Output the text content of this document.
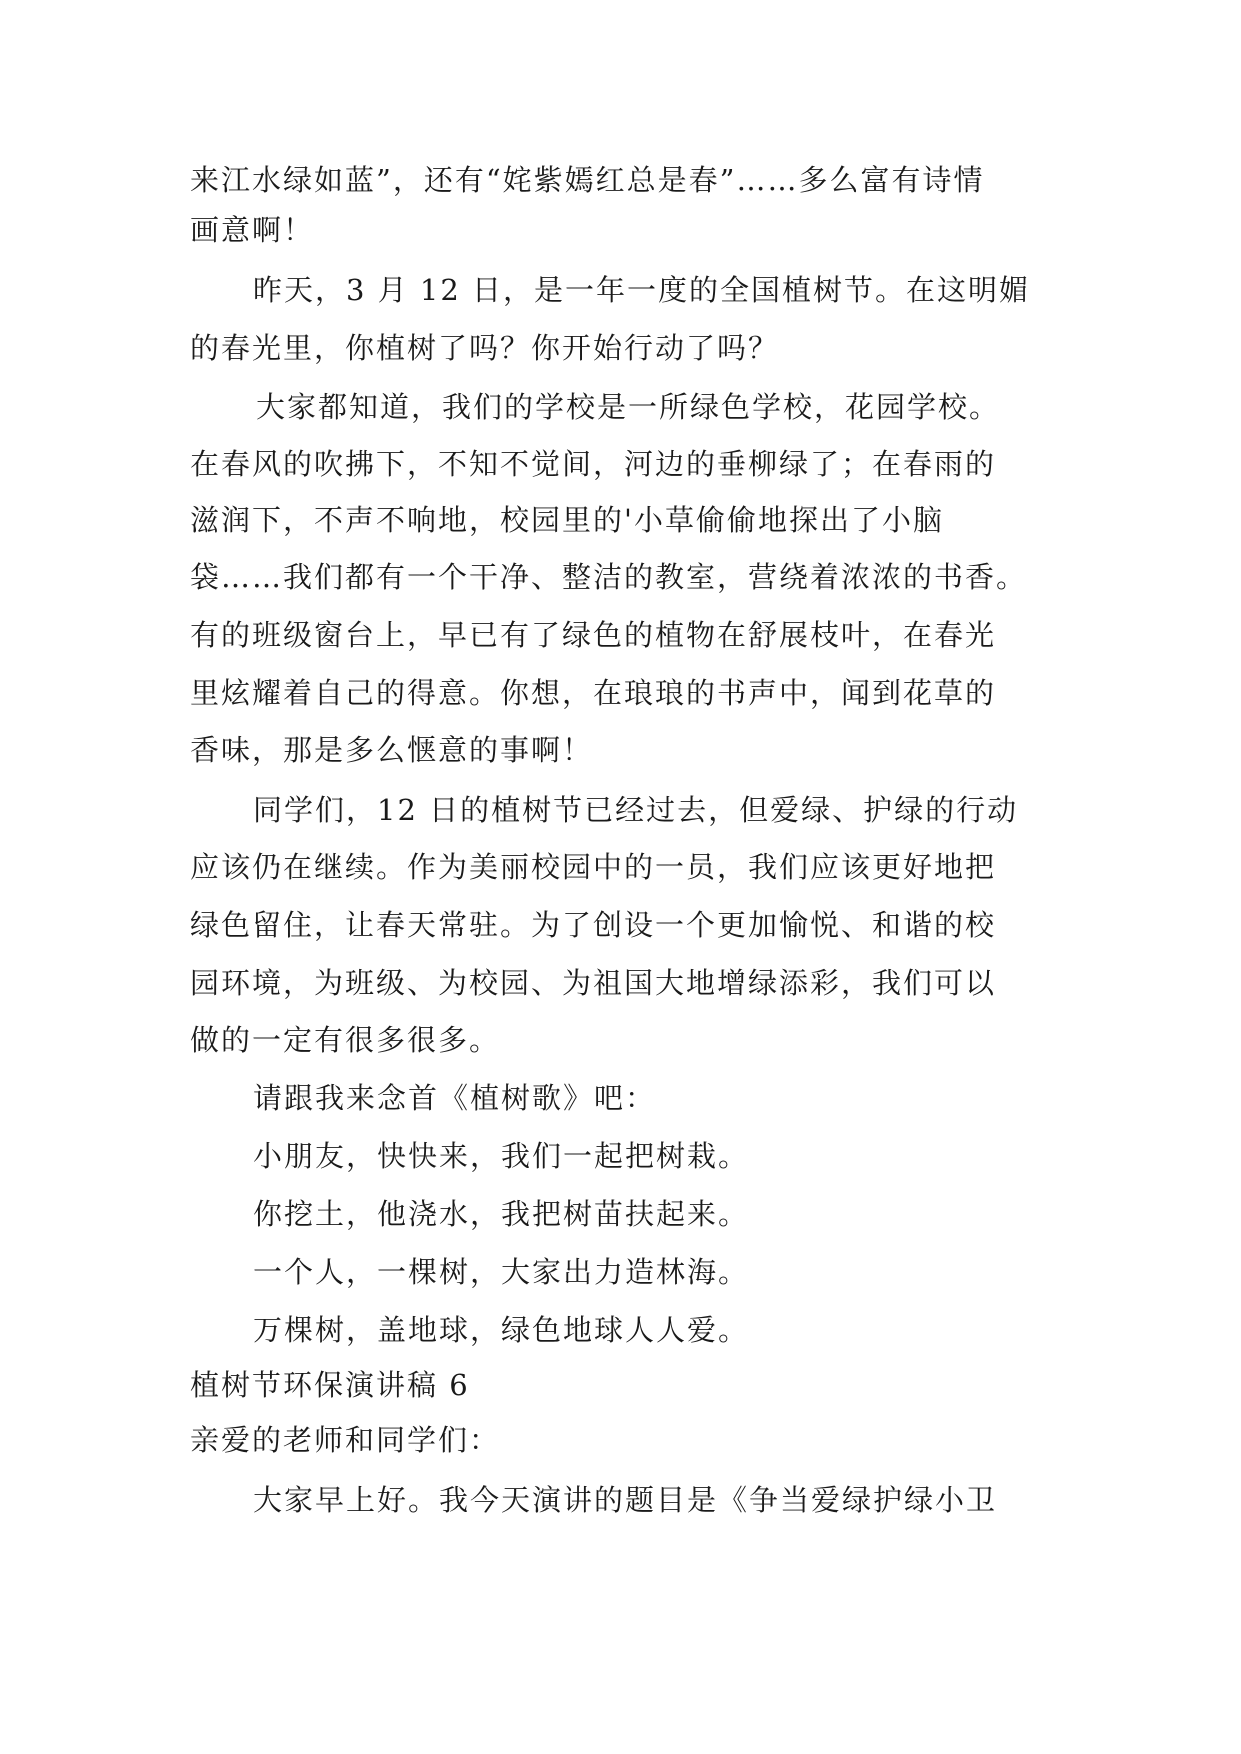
来江水绿如蓝”，还有“姹紫嫣红总是春”……多么富有诗情
画意啊！
昨天，3 月 12 日，是一年一度的全国植树节。在这明媚
的春光里，你植树了吗？你开始行动了吗？
大家都知道，我们的学校是一所绿色学校，花园学校。
在春风的吹拂下，不知不觉间，河边的垂柳绿了；在春雨的
滋润下，不声不响地，校园里的'小草偷偷地探出了小脑
袋……我们都有一个干净、整洁的教室，营绕着浓浓的书香。
有的班级窗台上，早已有了绿色的植物在舒展枝叶，在春光
里炫耀着自己的得意。你想，在琅琅的书声中，闻到花草的
香味，那是多么惬意的事啊！
同学们，12 日的植树节已经过去，但爱绿、护绿的行动
应该仍在继续。作为美丽校园中的一员，我们应该更好地把
绿色留住，让春天常驻。为了创设一个更加愉悦、和谐的校
园环境，为班级、为校园、为祖国大地增绿添彩，我们可以
做的一定有很多很多。
请跟我来念首《植树歌》吧：
小朋友，快快来，我们一起把树栽。
你挖土，他浇水，我把树苗扶起来。
一个人，一棵树，大家出力造林海。
万棵树，盖地球，绿色地球人人爱。
植树节环保演讲稿 6
亲爱的老师和同学们：
大家早上好。我今天演讲的题目是《争当爱绿护绿小卫
